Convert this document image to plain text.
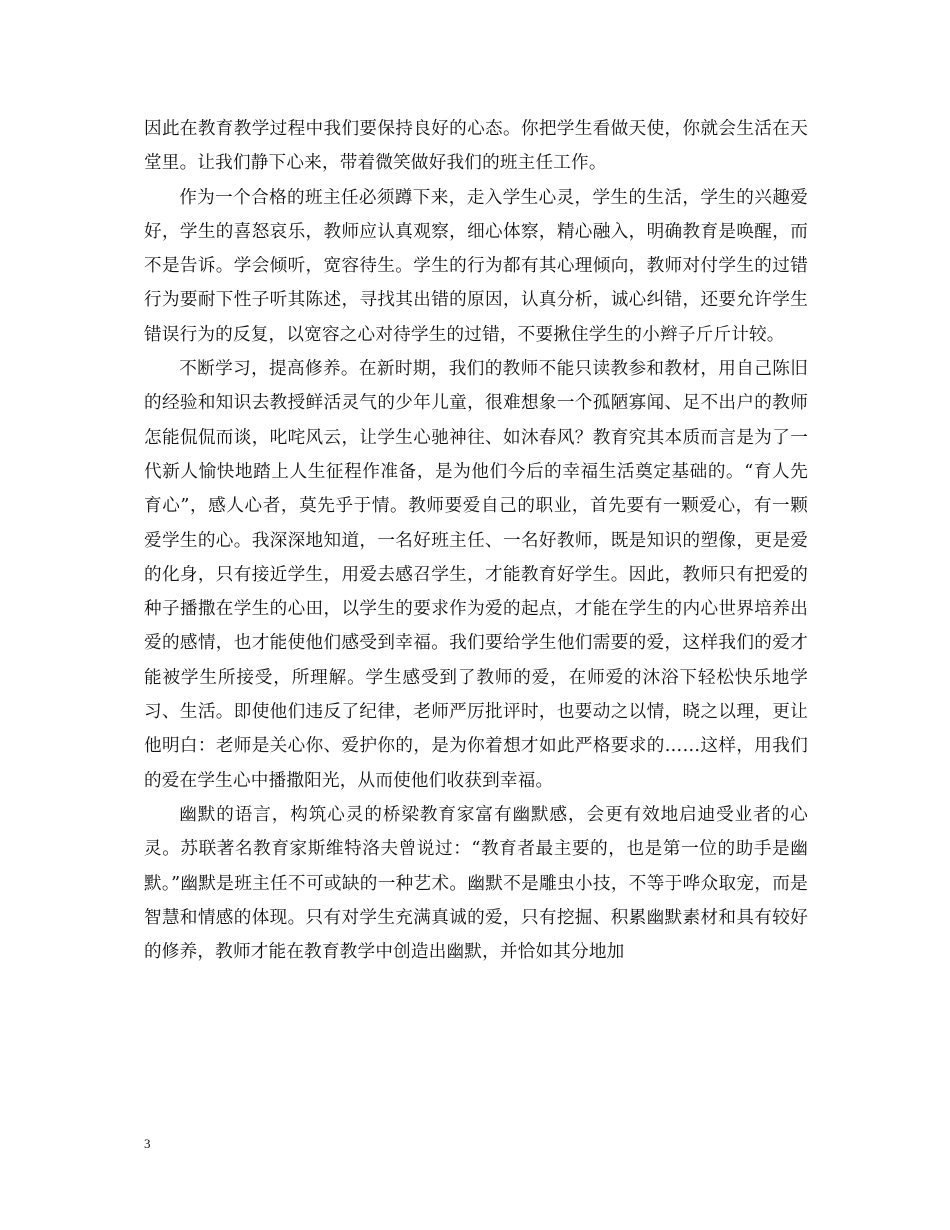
因此在教育教学过程中我们要保持良好的心态。你把学生看做天使，你就会生活在天堂里。让我们静下心来，带着微笑做好我们的班主任工作。

作为一个合格的班主任必须蹲下来，走入学生心灵，学生的生活，学生的兴趣爱好，学生的喜怒哀乐，教师应认真观察，细心体察，精心融入，明确教育是唤醒，而不是告诉。学会倾听，宽容待生。学生的行为都有其心理倾向，教师对付学生的过错行为要耐下性子听其陈述，寻找其出错的原因，认真分析，诚心纠错，还要允许学生错误行为的反复，以宽容之心对待学生的过错，不要揪住学生的小辫子斤斤计较。

不断学习，提高修养。在新时期，我们的教师不能只读教参和教材，用自己陈旧的经验和知识去教授鲜活灵气的少年儿童，很难想象一个孤陋寡闻、足不出户的教师怎能侃侃而谈，叱咤风云，让学生心驰神往、如沐春风？教育究其本质而言是为了一代新人愉快地踏上人生征程作准备，是为他们今后的幸福生活奠定基础的。“育人先育心”，感人心者，莫先乎于情。教师要爱自己的职业，首先要有一颗爱心，有一颗爱学生的心。我深深地知道，一名好班主任、一名好教师，既是知识的塑像，更是爱的化身，只有接近学生，用爱去感召学生，才能教育好学生。因此，教师只有把爱的种子播撒在学生的心田，以学生的要求作为爱的起点，才能在学生的内心世界培养出爱的感情，也才能使他们感受到幸福。我们要给学生他们需要的爱，这样我们的爱才能被学生所接受，所理解。学生感受到了教师的爱，在师爱的沐浴下轻松快乐地学习、生活。即使他们违反了纪律，老师严厉批评时，也要动之以情，晓之以理，更让他明白：老师是关心你、爱护你的，是为你着想才如此严格要求的……这样，用我们的爱在学生心中播撒阳光，从而使他们收获到幸福。

幽默的语言，构筑心灵的桥梁教育家富有幽默感，会更有效地启迪受业者的心灵。苏联著名教育家斯维特洛夫曾说过：“教育者最主要的，也是第一位的助手是幽默。”幽默是班主任不可或缺的一种艺术。幽默不是雕虫小技，不等于哗众取宠，而是智慧和情感的体现。只有对学生充满真诚的爱，只有挖掘、积累幽默素材和具有较好的修养，教师才能在教育教学中创造出幽默，并恰如其分地加

3
